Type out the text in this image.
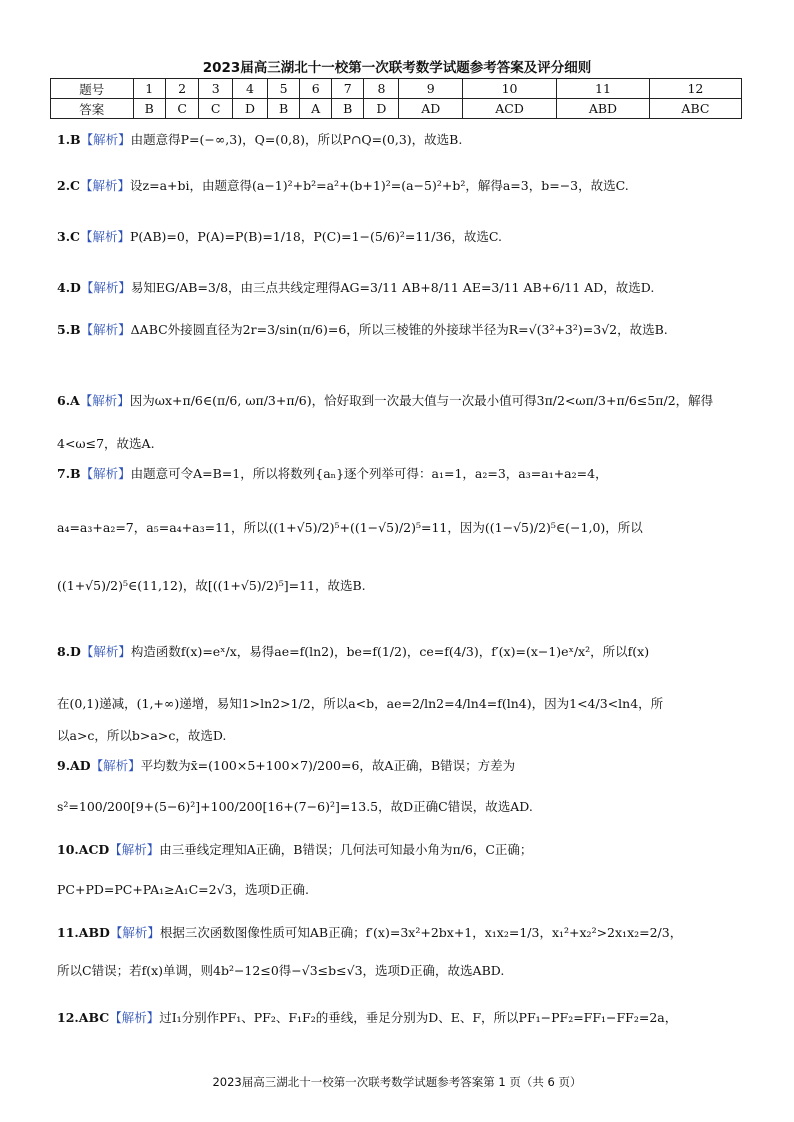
2023届高三湖北十一校第一次联考数学试题参考答案及评分细则
题号	1	2	3	4	5	6	7	8	9	10	11	12
答案	B	C	C	D	B	A	B	D	AD	ACD	ABD	ABC
1.B【解析】由题意得P=(−∞,3)，Q=(0,8)，所以P∩Q=(0,3)，故选B.
2.C【解析】设z=a+bi，由题意得(a−1)²+b²=a²+(b+1)²=(a−5)²+b²，解得a=3，b=−3，故选C.
3.C【解析】P(AB)=0，P(A)=P(B)=1/18，P(C)=1−(5/6)²=11/36，故选C.
4.D【解析】易知EG/AB=3/8，由三点共线定理得AG=3/11 AB+8/11 AE=3/11 AB+6/11 AD，故选D.
5.B【解析】ΔABC外接圆直径为2r=3/sin(π/6)=6，所以三棱锥的外接球半径为R=√(3²+3²)=3√2，故选B.
6.A【解析】因为ωx+π/6∈(π/6, ωπ/3+π/6)，恰好取到一次最大值与一次最小值可得3π/2<ωπ/3+π/6≤5π/2，解得
4<ω≤7，故选A.
7.B【解析】由题意可令A=B=1，所以将数列{aₙ}逐个列举可得：a₁=1，a₂=3，a₃=a₁+a₂=4，
a₄=a₃+a₂=7，a₅=a₄+a₃=11，所以((1+√5)/2)⁵+((1−√5)/2)⁵=11，因为((1−√5)/2)⁵∈(−1,0)，所以
((1+√5)/2)⁵∈(11,12)，故[((1+√5)/2)⁵]=11，故选B.
8.D【解析】构造函数f(x)=eˣ/x，易得ae=f(ln2)，be=f(1/2)，ce=f(4/3)，f′(x)=(x−1)eˣ/x²，所以f(x)
在(0,1)递减，(1,+∞)递增，易知1>ln2>1/2，所以a<b，ae=2/ln2=4/ln4=f(ln4)，因为1<4/3<ln4，所
以a>c，所以b>a>c，故选D.
9.AD【解析】平均数为x̄=(100×5+100×7)/200=6，故A正确，B错误；方差为
s²=100/200[9+(5−6)²]+100/200[16+(7−6)²]=13.5，故D正确C错误，故选AD.
10.ACD【解析】由三垂线定理知A正确，B错误；几何法可知最小角为π/6，C正确；
PC+PD=PC+PA₁≥A₁C=2√3，选项D正确.
11.ABD【解析】根据三次函数图像性质可知AB正确；f′(x)=3x²+2bx+1，x₁x₂=1/3，x₁²+x₂²>2x₁x₂=2/3，
所以C错误；若f(x)单调，则4b²−12≤0得−√3≤b≤√3，选项D正确，故选ABD.
12.ABC【解析】过I₁分别作PF₁、PF₂、F₁F₂的垂线，垂足分别为D、E、F，所以PF₁−PF₂=FF₁−FF₂=2a，
2023届高三湖北十一校第一次联考数学试题参考答案第 1 页（共 6 页）
